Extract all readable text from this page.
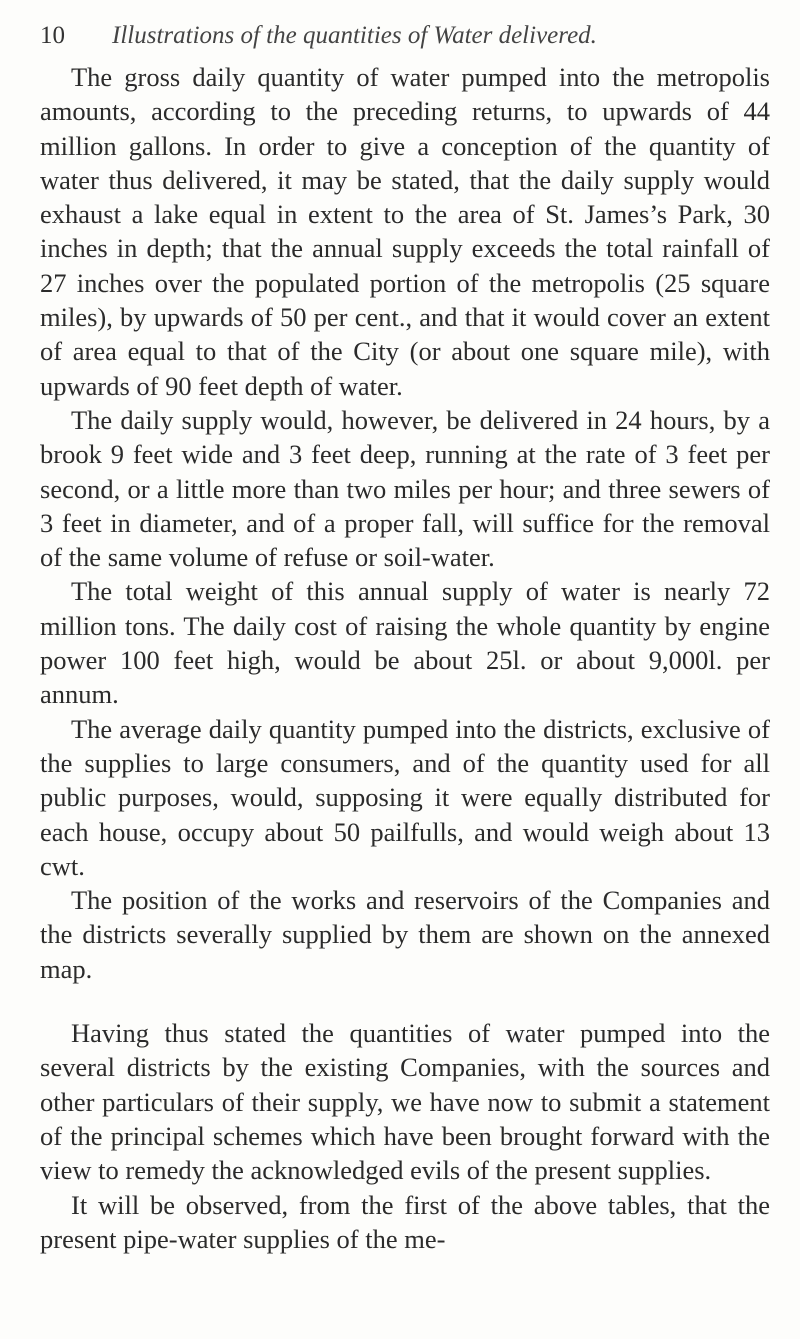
10 Illustrations of the quantities of Water delivered.

The gross daily quantity of water pumped into the metropolis amounts, according to the preceding returns, to upwards of 44 million gallons. In order to give a conception of the quantity of water thus delivered, it may be stated, that the daily supply would exhaust a lake equal in extent to the area of St. James’s Park, 30 inches in depth; that the annual supply exceeds the total rainfall of 27 inches over the populated portion of the metropolis (25 square miles), by upwards of 50 per cent., and that it would cover an extent of area equal to that of the City (or about one square mile), with upwards of 90 feet depth of water.

The daily supply would, however, be delivered in 24 hours, by a brook 9 feet wide and 3 feet deep, running at the rate of 3 feet per second, or a little more than two miles per hour; and three sewers of 3 feet in diameter, and of a proper fall, will suffice for the removal of the same volume of refuse or soil-water.

The total weight of this annual supply of water is nearly 72 million tons. The daily cost of raising the whole quantity by engine power 100 feet high, would be about 25l. or about 9,000l. per annum.

The average daily quantity pumped into the districts, exclusive of the supplies to large consumers, and of the quantity used for all public purposes, would, supposing it were equally distributed for each house, occupy about 50 pailfulls, and would weigh about 13 cwt.

The position of the works and reservoirs of the Companies and the districts severally supplied by them are shown on the annexed map.

Having thus stated the quantities of water pumped into the several districts by the existing Companies, with the sources and other particulars of their supply, we have now to submit a statement of the principal schemes which have been brought forward with the view to remedy the acknowledged evils of the present supplies.

It will be observed, from the first of the above tables, that the present pipe-water supplies of the me-
